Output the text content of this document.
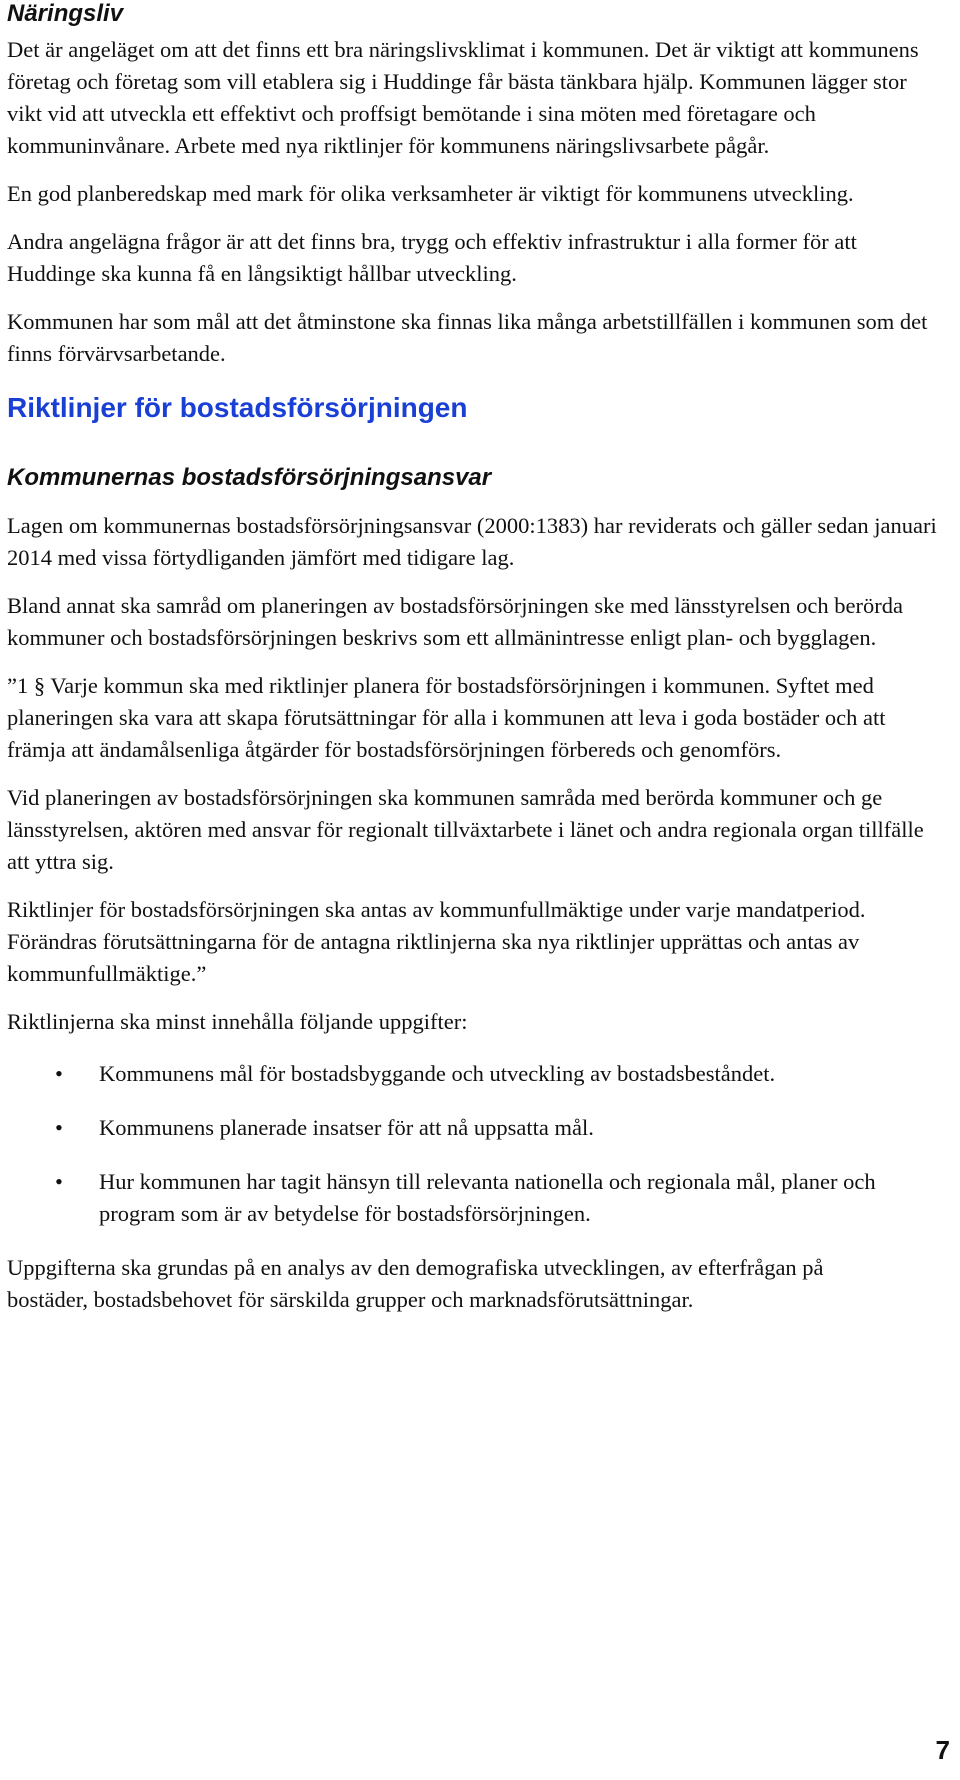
Näringsliv

Det är angeläget om att det finns ett bra näringslivsklimat i kommunen. Det är viktigt att kommunens företag och företag som vill etablera sig i Huddinge får bästa tänkbara hjälp. Kommunen lägger stor vikt vid att utveckla ett effektivt och proffsigt bemötande i sina möten med företagare och kommuninvånare. Arbete med nya riktlinjer för kommunens näringslivsarbete pågår.

En god planberedskap med mark för olika verksamheter är viktigt för kommunens utveckling.

Andra angelägna frågor är att det finns bra, trygg och effektiv infrastruktur i alla former för att Huddinge ska kunna få en långsiktigt hållbar utveckling.

Kommunen har som mål att det åtminstone ska finnas lika många arbetstillfällen i kommunen som det finns förvärvsarbetande.

Riktlinjer för bostadsförsörjningen
Kommunernas bostadsförsörjningsansvar

Lagen om kommunernas bostadsförsörjningsansvar (2000:1383) har reviderats och gäller sedan januari 2014 med vissa förtydliganden jämfört med tidigare lag.

Bland annat ska samråd om planeringen av bostadsförsörjningen ske med länsstyrelsen och berörda kommuner och bostadsförsörjningen beskrivs som ett allmänintresse enligt plan- och bygglagen.

”1 § Varje kommun ska med riktlinjer planera för bostadsförsörjningen i kommunen. Syftet med planeringen ska vara att skapa förutsättningar för alla i kommunen att leva i goda bostäder och att främja att ändamålsenliga åtgärder för bostadsförsörjningen förbereds och genomförs.

Vid planeringen av bostadsförsörjningen ska kommunen samråda med berörda kommuner och ge länsstyrelsen, aktören med ansvar för regionalt tillväxtarbete i länet och andra regionala organ tillfälle att yttra sig.

Riktlinjer för bostadsförsörjningen ska antas av kommunfullmäktige under varje mandatperiod. Förändras förutsättningarna för de antagna riktlinjerna ska nya riktlinjer upprättas och antas av kommunfullmäktige.”

Riktlinjerna ska minst innehålla följande uppgifter:

• Kommunens mål för bostadsbyggande och utveckling av bostadsbeståndet.
• Kommunens planerade insatser för att nå uppsatta mål.
• Hur kommunen har tagit hänsyn till relevanta nationella och regionala mål, planer och program som är av betydelse för bostadsförsörjningen.

Uppgifterna ska grundas på en analys av den demografiska utvecklingen, av efterfrågan på bostäder, bostadsbehovet för särskilda grupper och marknadsförutsättningar.

7
